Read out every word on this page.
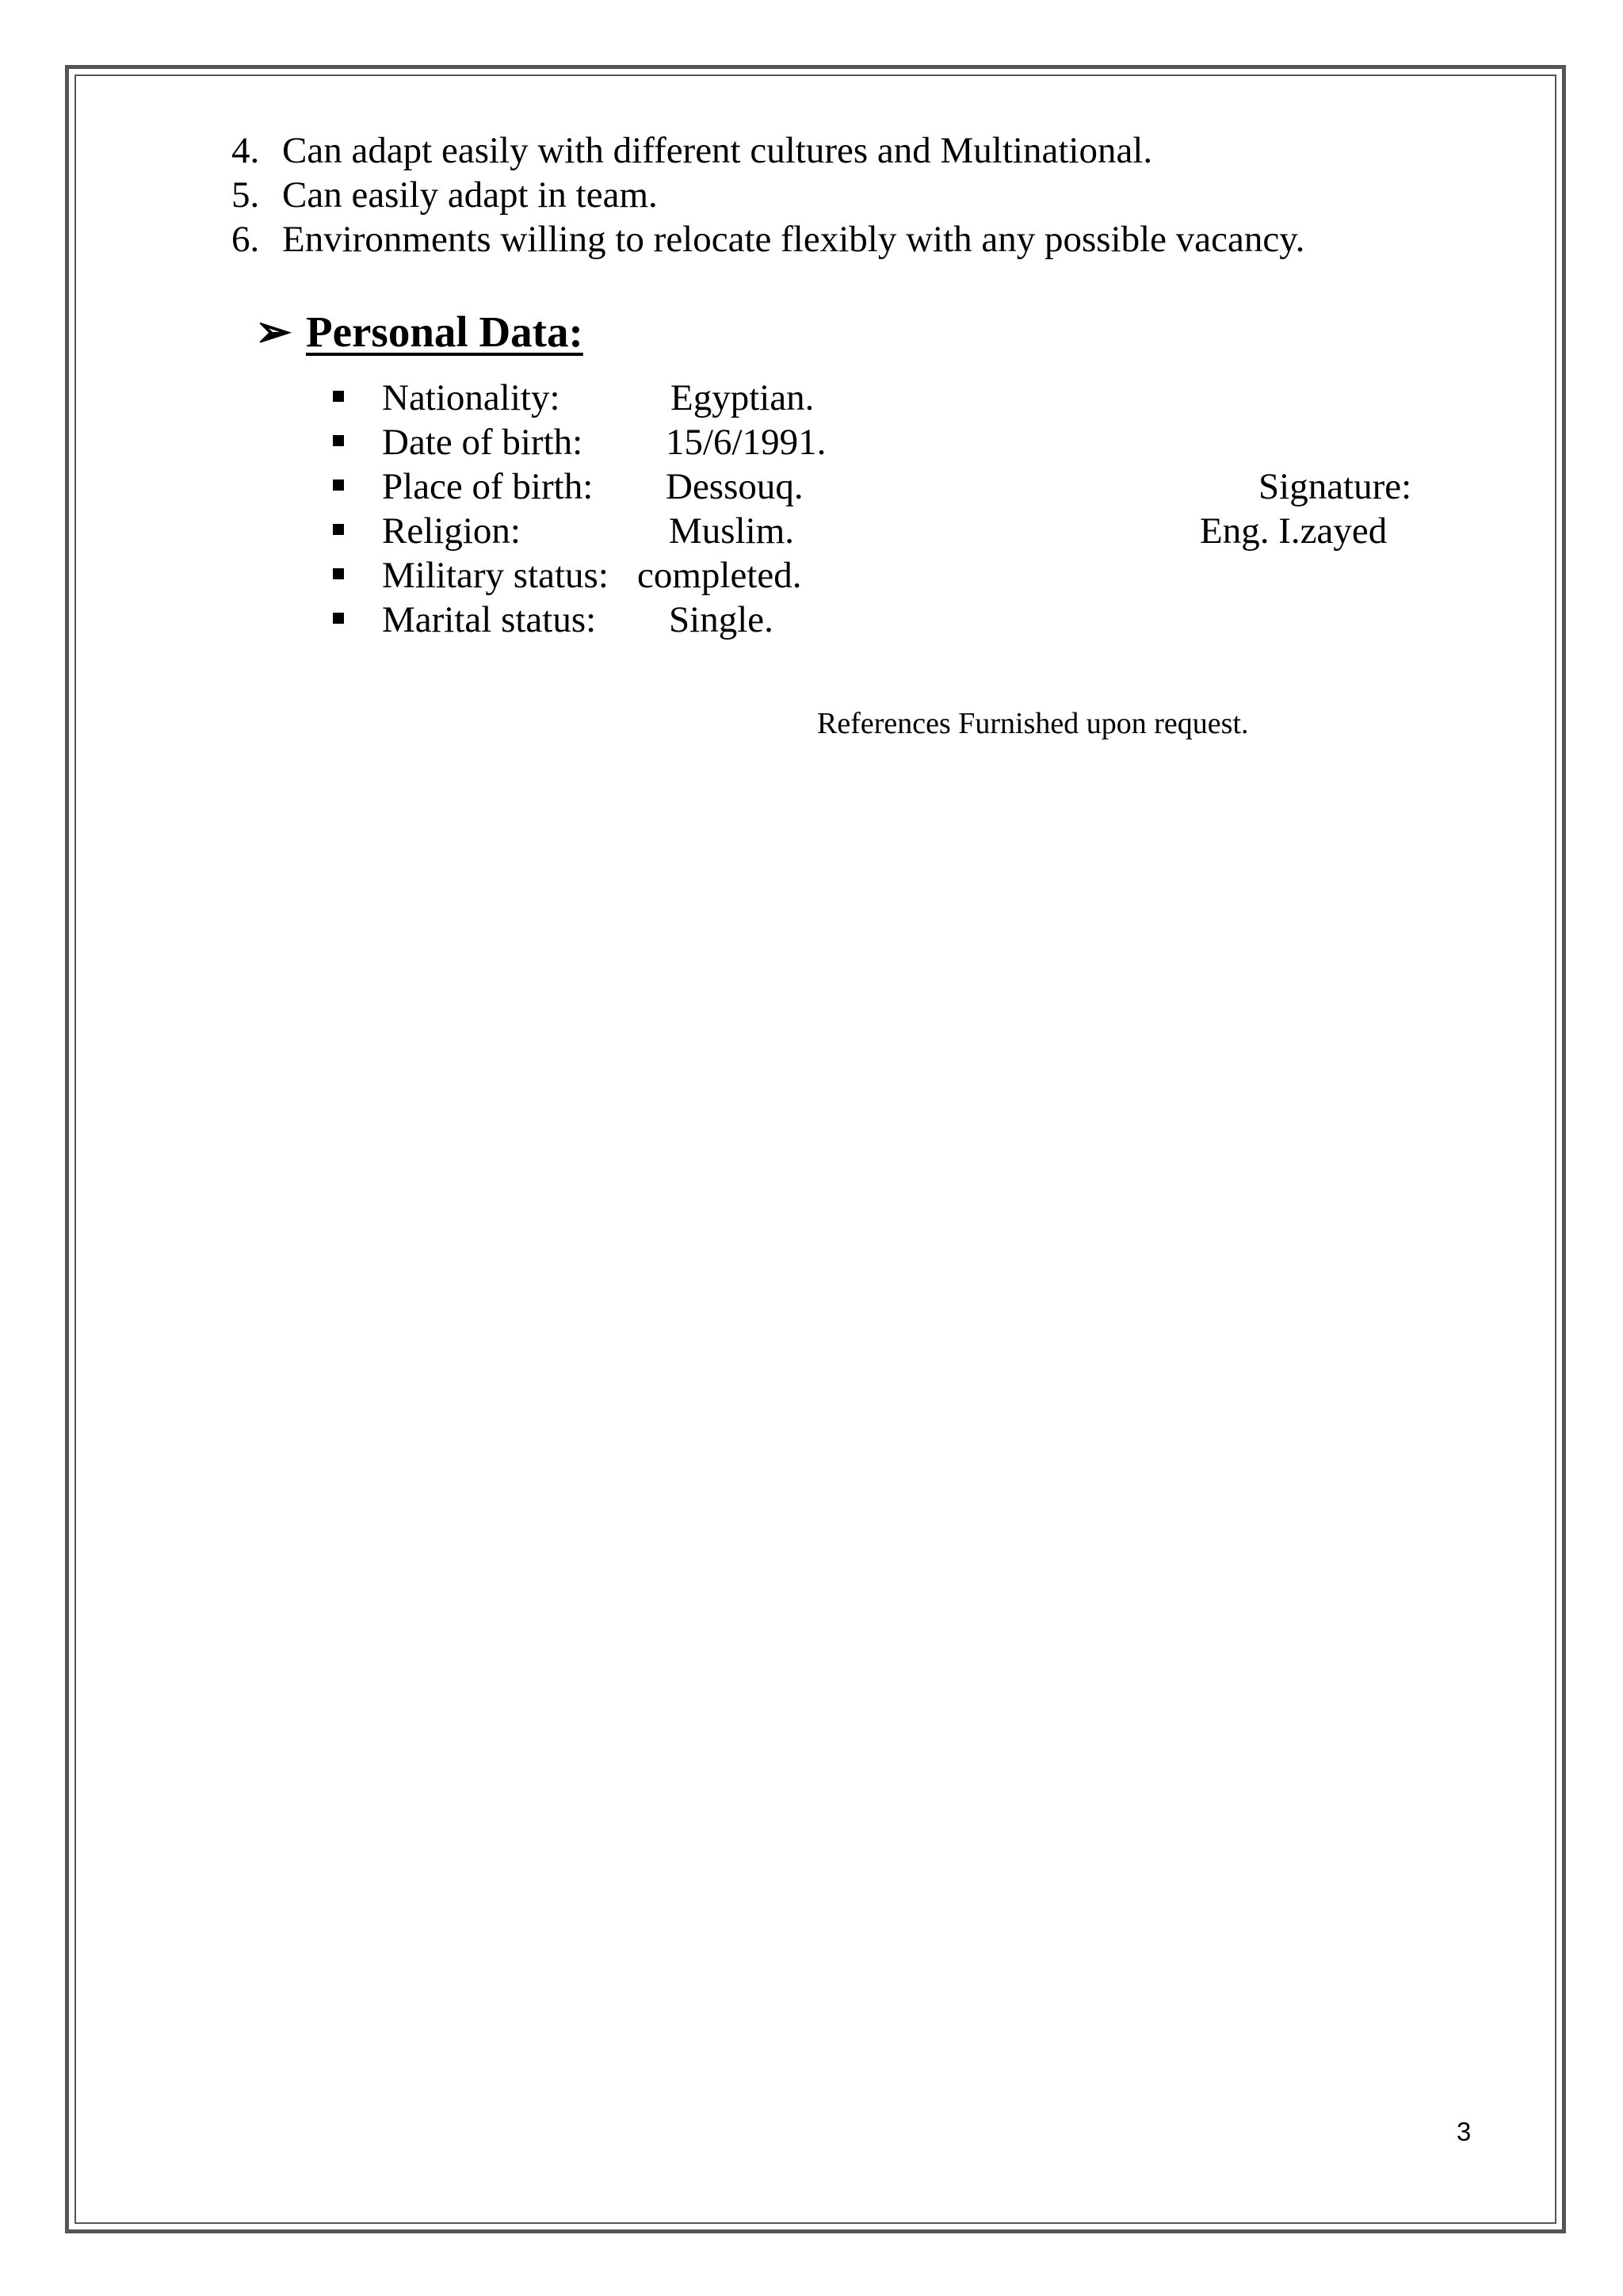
4. Can adapt easily with different cultures and Multinational.
5. Can easily adapt in team.
6. Environments willing to relocate flexibly with any possible vacancy.
➢ Personal Data:
Nationality:	Egyptian.
Date of birth: 15/6/1991.
Place of birth: Dessouq.
Religion:	Muslim.
Military status: completed.
Marital status: Single.
Signature:
Eng. I.zayed
References Furnished upon request.
3
